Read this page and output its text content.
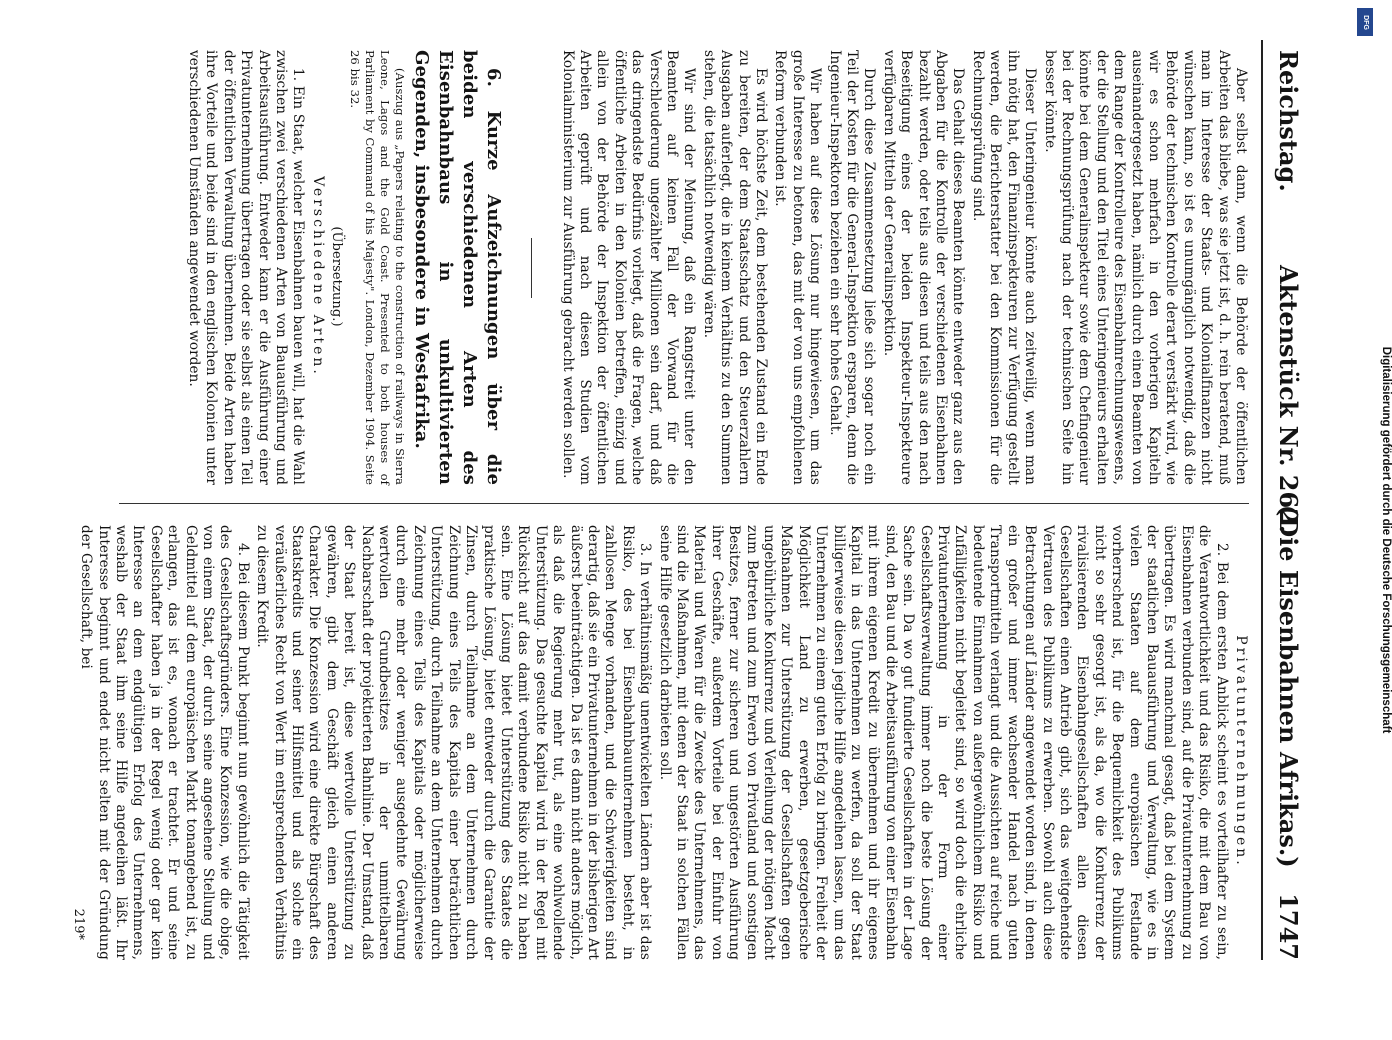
Reichstag.
Aktenstück Nr. 262.
(Die Eisenbahnen Afrikas.)
1747

Aber selbst dann, wenn die Behörde der öffentlichen Arbeiten das bliebe, was sie jetzt ist, d. h. rein beratend, muß man im Interesse der Staats- und Kolonialfinanzen nicht wünschen kann, so ist es unumgänglich notwendig, daß die Behörde der technischen Kontrolle derart verstärkt wird, wie wir es schon mehrfach in den vorherigen Kapiteln auseinandergesetzt haben, nämlich durch einen Beamten von dem Range der Kontrolleure des Eisenbahnrechnungswesens, der die Stellung und den Titel eines Unteringenieurs erhalten könnte bei dem Generalinspekteur sowie dem Chefingenieur bei der Rechnungsprüfung nach der technischen Seite hin besser könnte.

Dieser Unteringenieur könnte auch zeitweilig, wenn man ihn nötig hat, den Finanzinspekteuren zur Verfügung gestellt werden, die Berichterstatter bei den Kommissionen für die Rechnungsprüfung sind.

Das Gehalt dieses Beamten könnte entweder ganz aus den Abgaben für die Kontrolle der verschiedenen Eisenbahnen bezahlt werden, oder teils aus diesen und teils aus den nach Beseitigung eines der beiden Inspekteur-Inspekteure verfügbaren Mitteln der Generalinspektion.

Durch diese Zusammensetzung ließe sich sogar noch ein Teil der Kosten für die General-Inspektion ersparen, denn die Ingenieur-Inspektoren beziehen ein sehr hohes Gehalt.

Wir haben auf diese Lösung nur hingewiesen, um das große Interesse zu betonen, das mit der von uns empfohlenen Reform verbunden ist.

Es wird höchste Zeit, dem bestehenden Zustand ein Ende zu bereiten, der dem Staatsschatz und den Steuerzahlern Ausgaben auferlegt, die in keinem Verhältnis zu den Summen stehen, die tatsächlich notwendig wären.

Wir sind der Meinung, daß ein Rangstreit unter den Beamten auf keinen Fall der Vorwand für die Verschleuderung ungezählter Millionen sein darf, und daß das dringendste Bedürfnis vorliegt, daß die Fragen, welche öffentliche Arbeiten in den Kolonien betreffen, einzig und allein von der Behörde der Inspektion der öffentlichen Arbeiten geprüft und nach diesen Studien vom Kolonialministerium zur Ausführung gebracht werden sollen.

6. Kurze Aufzeichnungen über die beiden verschiedenen Arten des Eisenbahnbaus in unkultivierten Gegenden, insbesondere in Westafrika.

(Auszug aus „Papers relating to the construction of railways in Sierra Leone, Lagos and the Gold Coast. Presented to both houses of Parliament by Command of his Majesty". London, Dezember 1904. Seite 26 bis 32.

(Übersetzung.)

Verschiedene Arten.

1. Ein Staat, welcher Eisenbahnen bauen will, hat die Wahl zwischen zwei verschiedenen Arten von Bauausführung und Arbeitsausführung. Entweder kann er die Ausführung einer Privatunternehmung übertragen oder sie selbst als einen Teil der öffentlichen Verwaltung übernehmen. Beide Arten haben ihre Vorteile und beide sind in den englischen Kolonien unter verschiedenen Umständen angewendet worden.

Privatunternehmungen.

2. Bei dem ersten Anblick scheint es vorteilhafter zu sein, die Verantwortlichkeit und das Risiko, die mit dem Bau von Eisenbahnen verbunden sind, auf die Privatunternehmung zu übertragen. Es wird manchmal gesagt, daß bei dem System der staatlichen Bauausführung und Verwaltung, wie es in vielen Staaten auf dem europäischen Festlande vorherrschend ist, für die Bequemlichkeit des Publikums nicht so sehr gesorgt ist, als da, wo die Konkurrenz der rivalisierenden Eisenbahngesellschaften allen diesen Gesellschaften einen Antrieb gibt, sich das weitgehendste Vertrauen des Publikums zu erwerben. Sowohl auch diese Betrachtungen auf Länder angewendet worden sind, in denen ein großer und immer wachsender Handel nach guten Transportmitteln verlangt und die Aussichten auf reiche und bedeutende Einnahmen von außergewöhnlichem Risiko und Zufälligkeiten nicht begleitet sind, so wird doch die ehrliche Privatunternehmung in der Form einer Gesellschaftsverwaltung immer noch die beste Lösung der Sache sein. Da wo gut fundierte Gesellschaften in der Lage sind, den Bau und die Arbeitsausführung von einer Eisenbahn mit ihrem eigenen Kredit zu übernehmen und ihr eigenes Kapital in das Unternehmen zu werfen, da soll der Staat billigerweise diesen jegliche Hilfe angedeihen lassen, um das Unternehmen zu einem guten Erfolg zu bringen. Freiheit der Möglichkeit Land zu erwerben, gesetzgeberische Maßnahmen zur Unterstützung der Gesellschaften gegen ungebührliche Konkurrenz und Verleihung der nötigen Macht zum Betreten und zum Erwerb von Privatland und sonstigen Besitzes, ferner zur sicheren und ungestörten Ausführung ihrer Geschäfte, außerdem Vorteile bei der Einfuhr von Material und Waren für die Zwecke des Unternehmens, das sind die Maßnahmen, mit denen der Staat in solchen Fällen seine Hilfe gesetzlich darbieten soll.

3. In verhältnismäßig unentwickelten Ländern aber ist das Risiko, des bei Eisenbahnbauunternehmen besteht, in zahllosen Menge vorhanden, und die Schwierigkeiten sind derartig, daß sie ein Privatunternehmen in der bisherigen Art äußerst beeinträchtigen. Da ist es dann nicht anders möglich, als daß die Regierung mehr tut, als eine wohlwollende Unterstützung. Das gesuchte Kapital wird in der Regel mit Rücksicht auf das damit verbundene Risiko nicht zu haben sein. Eine Lösung bietet Unterstützung des Staates die praktische Lösung, bietet entweder durch die Garantie der Zinsen, durch Teilnahme an dem Unternehmen durch Zeichnung eines Teils des Kapitals einer beträchtlichen Unterstützung, durch Teilnahme an dem Unternehmen durch Zeichnung eines Teils des Kapitals oder möglicherweise durch eine mehr oder weniger ausgedehnte Gewährung wertvollen Grundbesitzes in der unmittelbaren Nachbarschaft der projektierten Bahnlinie. Der Umstand, daß der Staat bereit ist, diese wertvolle Unterstützung zu gewähren, gibt dem Geschäft gleich einen anderen Charakter. Die Konzession wird eine direkte Bürgschaft des Staatskredits und seiner Hilfsmittel und als solche ein veräußerliches Recht von Wert im entsprechenden Verhältnis zu diesem Kredit.

4. Bei diesem Punkt beginnt nun gewöhnlich die Tätigkeit des Gesellschaftsgründers. Eine Konzession, wie die obige, von einem Staat, der durch seine angesehene Stellung und Geldmittel auf dem europäischen Markt tonangebend ist, zu erlangen, das ist es, wonach er trachtet. Er und seine Gesellschafter haben ja in der Regel wenig oder gar kein Interesse an dem endgültigen Erfolg des Unternehmens, weshalb der Staat ihm seine Hilfe angedeihen läßt. Ihr Interesse beginnt und endet nicht selten mit der Gründung der Gesellschaft, bei

219*
DFG
Digitalisierung gefördert durch die Deutsche Forschungsgemeinschaft
